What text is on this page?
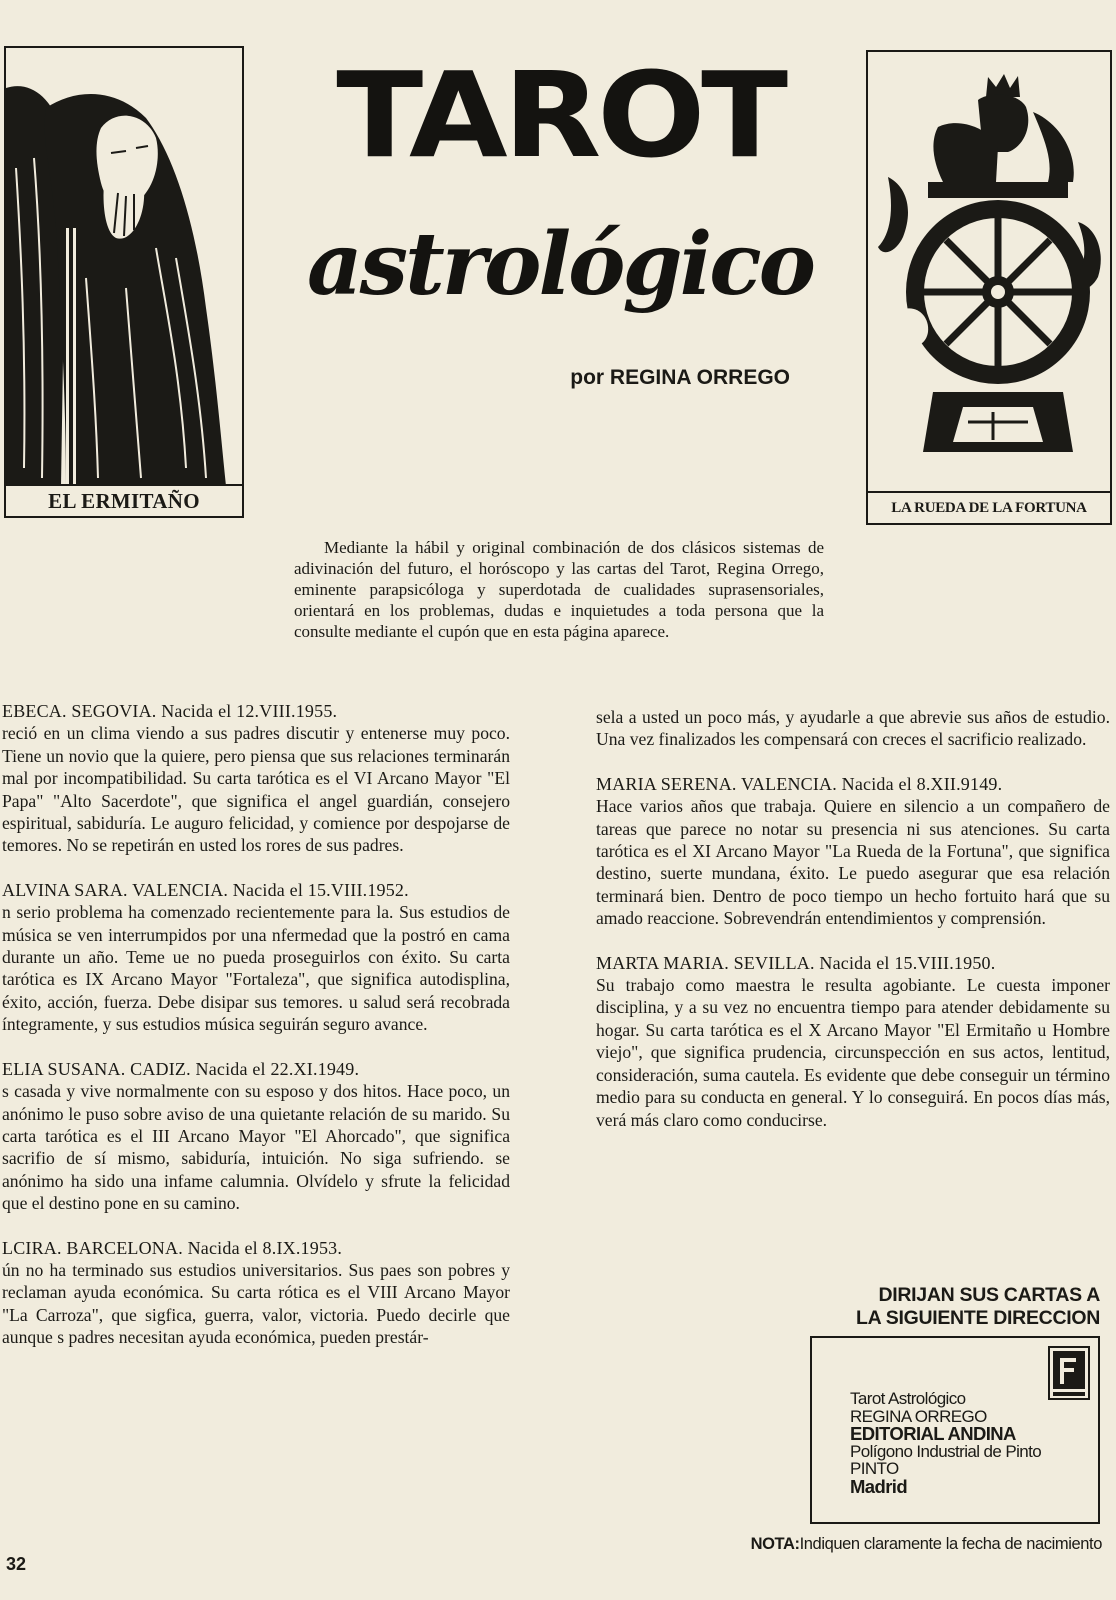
EL ERMITAÑO
TAROT
astrológico
por REGINA ORREGO
LA RUEDA DE LA FORTUNA

Mediante la hábil y original combinación de dos clásicos sistemas de adivinación del futuro, el horóscopo y las cartas del Tarot, Regina Orrego, eminente parapsicóloga y superdotada de cualidades suprasensoriales, orientará en los problemas, dudas e inquietudes a toda persona que la consulte mediante el cupón que en esta página aparece.

EBECA. SEGOVIA. Nacida el 12.VIII.1955.
reció en un clima viendo a sus padres discutir y entenerse muy poco. Tiene un novio que la quiere, pero piensa que sus relaciones terminarán mal por incompatibilidad. Su carta tarótica es el VI Arcano Mayor "El Papa" "Alto Sacerdote", que significa el angel guardián, consejero espiritual, sabiduría. Le auguro felicidad, y comience por despojarse de temores. No se repetirán en usted los rores de sus padres.
ALVINA SARA. VALENCIA. Nacida el 15.VIII.1952.
n serio problema ha comenzado recientemente para la. Sus estudios de música se ven interrumpidos por una nfermedad que la postró en cama durante un año. Teme ue no pueda proseguirlos con éxito. Su carta tarótica es IX Arcano Mayor "Fortaleza", que significa autodisplina, éxito, acción, fuerza. Debe disipar sus temores. u salud será recobrada íntegramente, y sus estudios música seguirán seguro avance.
ELIA SUSANA. CADIZ. Nacida el 22.XI.1949.
s casada y vive normalmente con su esposo y dos hitos. Hace poco, un anónimo le puso sobre aviso de una quietante relación de su marido. Su carta tarótica es el III Arcano Mayor "El Ahorcado", que significa sacrifio de sí mismo, sabiduría, intuición. No siga sufriendo. se anónimo ha sido una infame calumnia. Olvídelo y sfrute la felicidad que el destino pone en su camino.
LCIRA. BARCELONA. Nacida el 8.IX.1953.
ún no ha terminado sus estudios universitarios. Sus paes son pobres y reclaman ayuda económica. Su carta rótica es el VIII Arcano Mayor "La Carroza", que sigfica, guerra, valor, victoria. Puedo decirle que aunque s padres necesitan ayuda económica, pueden prestár-
sela a usted un poco más, y ayudarle a que abrevie sus años de estudio. Una vez finalizados les compensará con creces el sacrificio realizado.
MARIA SERENA. VALENCIA. Nacida el 8.XII.9149.
Hace varios años que trabaja. Quiere en silencio a un compañero de tareas que parece no notar su presencia ni sus atenciones. Su carta tarótica es el XI Arcano Mayor "La Rueda de la Fortuna", que significa destino, suerte mundana, éxito. Le puedo asegurar que esa relación terminará bien. Dentro de poco tiempo un hecho fortuito hará que su amado reaccione. Sobrevendrán entendimientos y comprensión.
MARTA MARIA. SEVILLA. Nacida el 15.VIII.1950.
Su trabajo como maestra le resulta agobiante. Le cuesta imponer disciplina, y a su vez no encuentra tiempo para atender debidamente su hogar. Su carta tarótica es el X Arcano Mayor "El Ermitaño u Hombre viejo", que significa prudencia, circunspección en sus actos, lentitud, consideración, suma cautela. Es evidente que debe conseguir un término medio para su conducta en general. Y lo conseguirá. En pocos días más, verá más claro como conducirse.
DIRIJAN SUS CARTAS A
LA SIGUIENTE DIRECCION
Tarot Astrológico
REGINA ORREGO
EDITORIAL ANDINA
Polígono Industrial de Pinto
PINTO
Madrid
NOTA:Indiquen claramente la fecha de nacimiento
32
